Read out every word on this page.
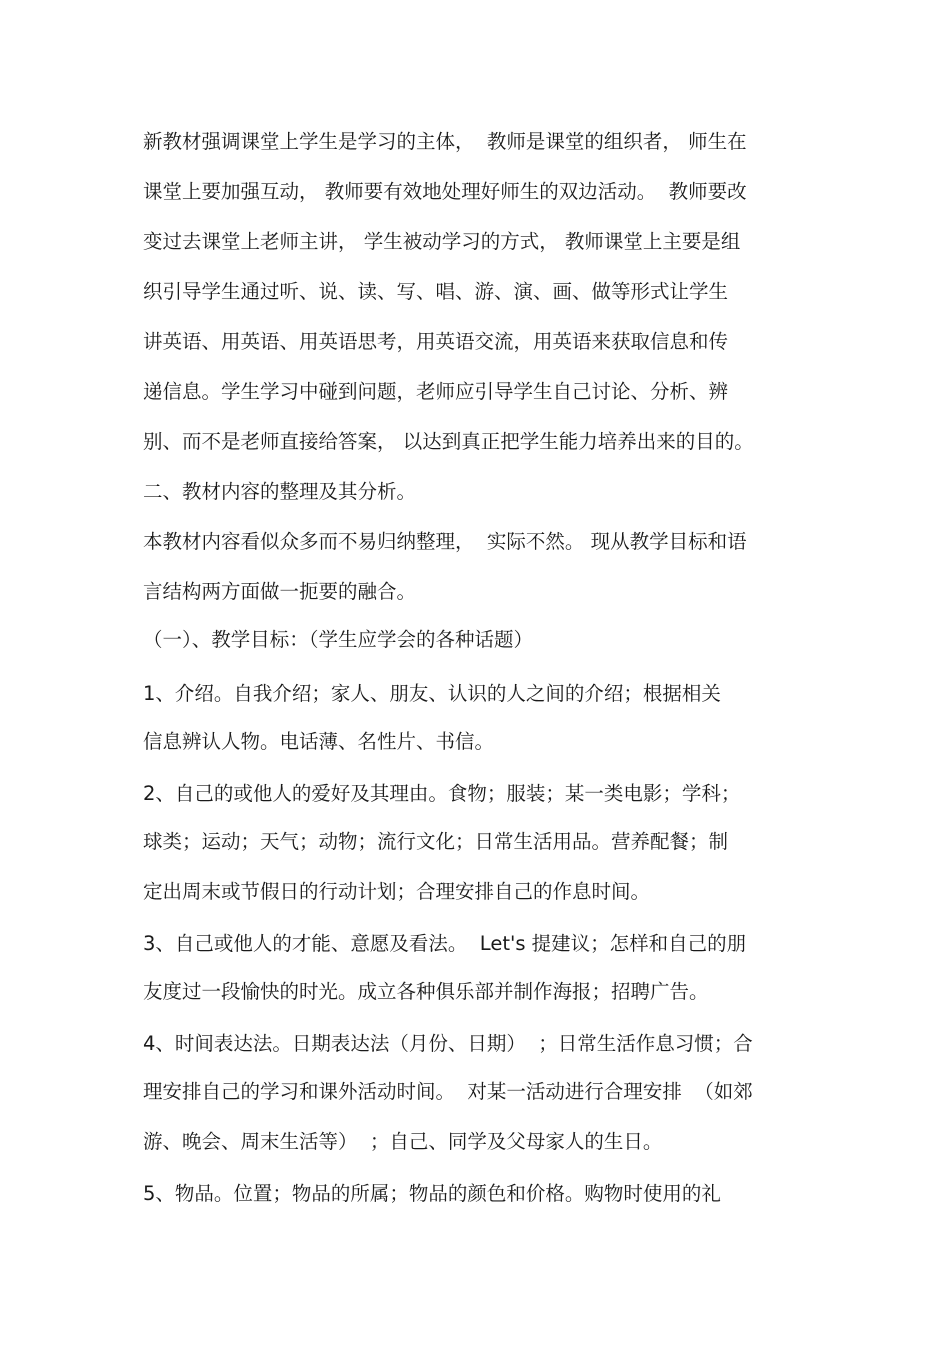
新教材强调课堂上学生是学习的主体，  教师是课堂的组织者， 师生在
课堂上要加强互动， 教师要有效地处理好师生的双边活动。  教师要改
变过去课堂上老师主讲， 学生被动学习的方式， 教师课堂上主要是组
织引导学生通过听、说、读、写、唱、游、演、画、做等形式让学生
讲英语、用英语、用英语思考，用英语交流，用英语来获取信息和传
递信息。学生学习中碰到问题，老师应引导学生自己讨论、分析、辨
别、而不是老师直接给答案， 以达到真正把学生能力培养出来的目的。
二、教材内容的整理及其分析。
本教材内容看似众多而不易归纳整理，  实际不然。 现从教学目标和语
言结构两方面做一扼要的融合。
（一）、教学目标：（学生应学会的各种话题）
1、介绍。自我介绍；家人、朋友、认识的人之间的介绍；根据相关
信息辨认人物。电话薄、名性片、书信。
2、自己的或他人的爱好及其理由。食物；服装；某一类电影；学科；
球类；运动；天气；动物；流行文化；日常生活用品。营养配餐；制
定出周末或节假日的行动计划；合理安排自己的作息时间。
3、自己或他人的才能、意愿及看法。  Let's 提建议；怎样和自己的朋
友度过一段愉快的时光。成立各种俱乐部并制作海报；招聘广告。
4、时间表达法。日期表达法（月份、日期）  ；日常生活作息习惯；合
理安排自己的学习和课外活动时间。  对某一活动进行合理安排  （如郊
游、晚会、周末生活等）  ；自己、同学及父母家人的生日。
5、物品。位置；物品的所属；物品的颜色和价格。购物时使用的礼
